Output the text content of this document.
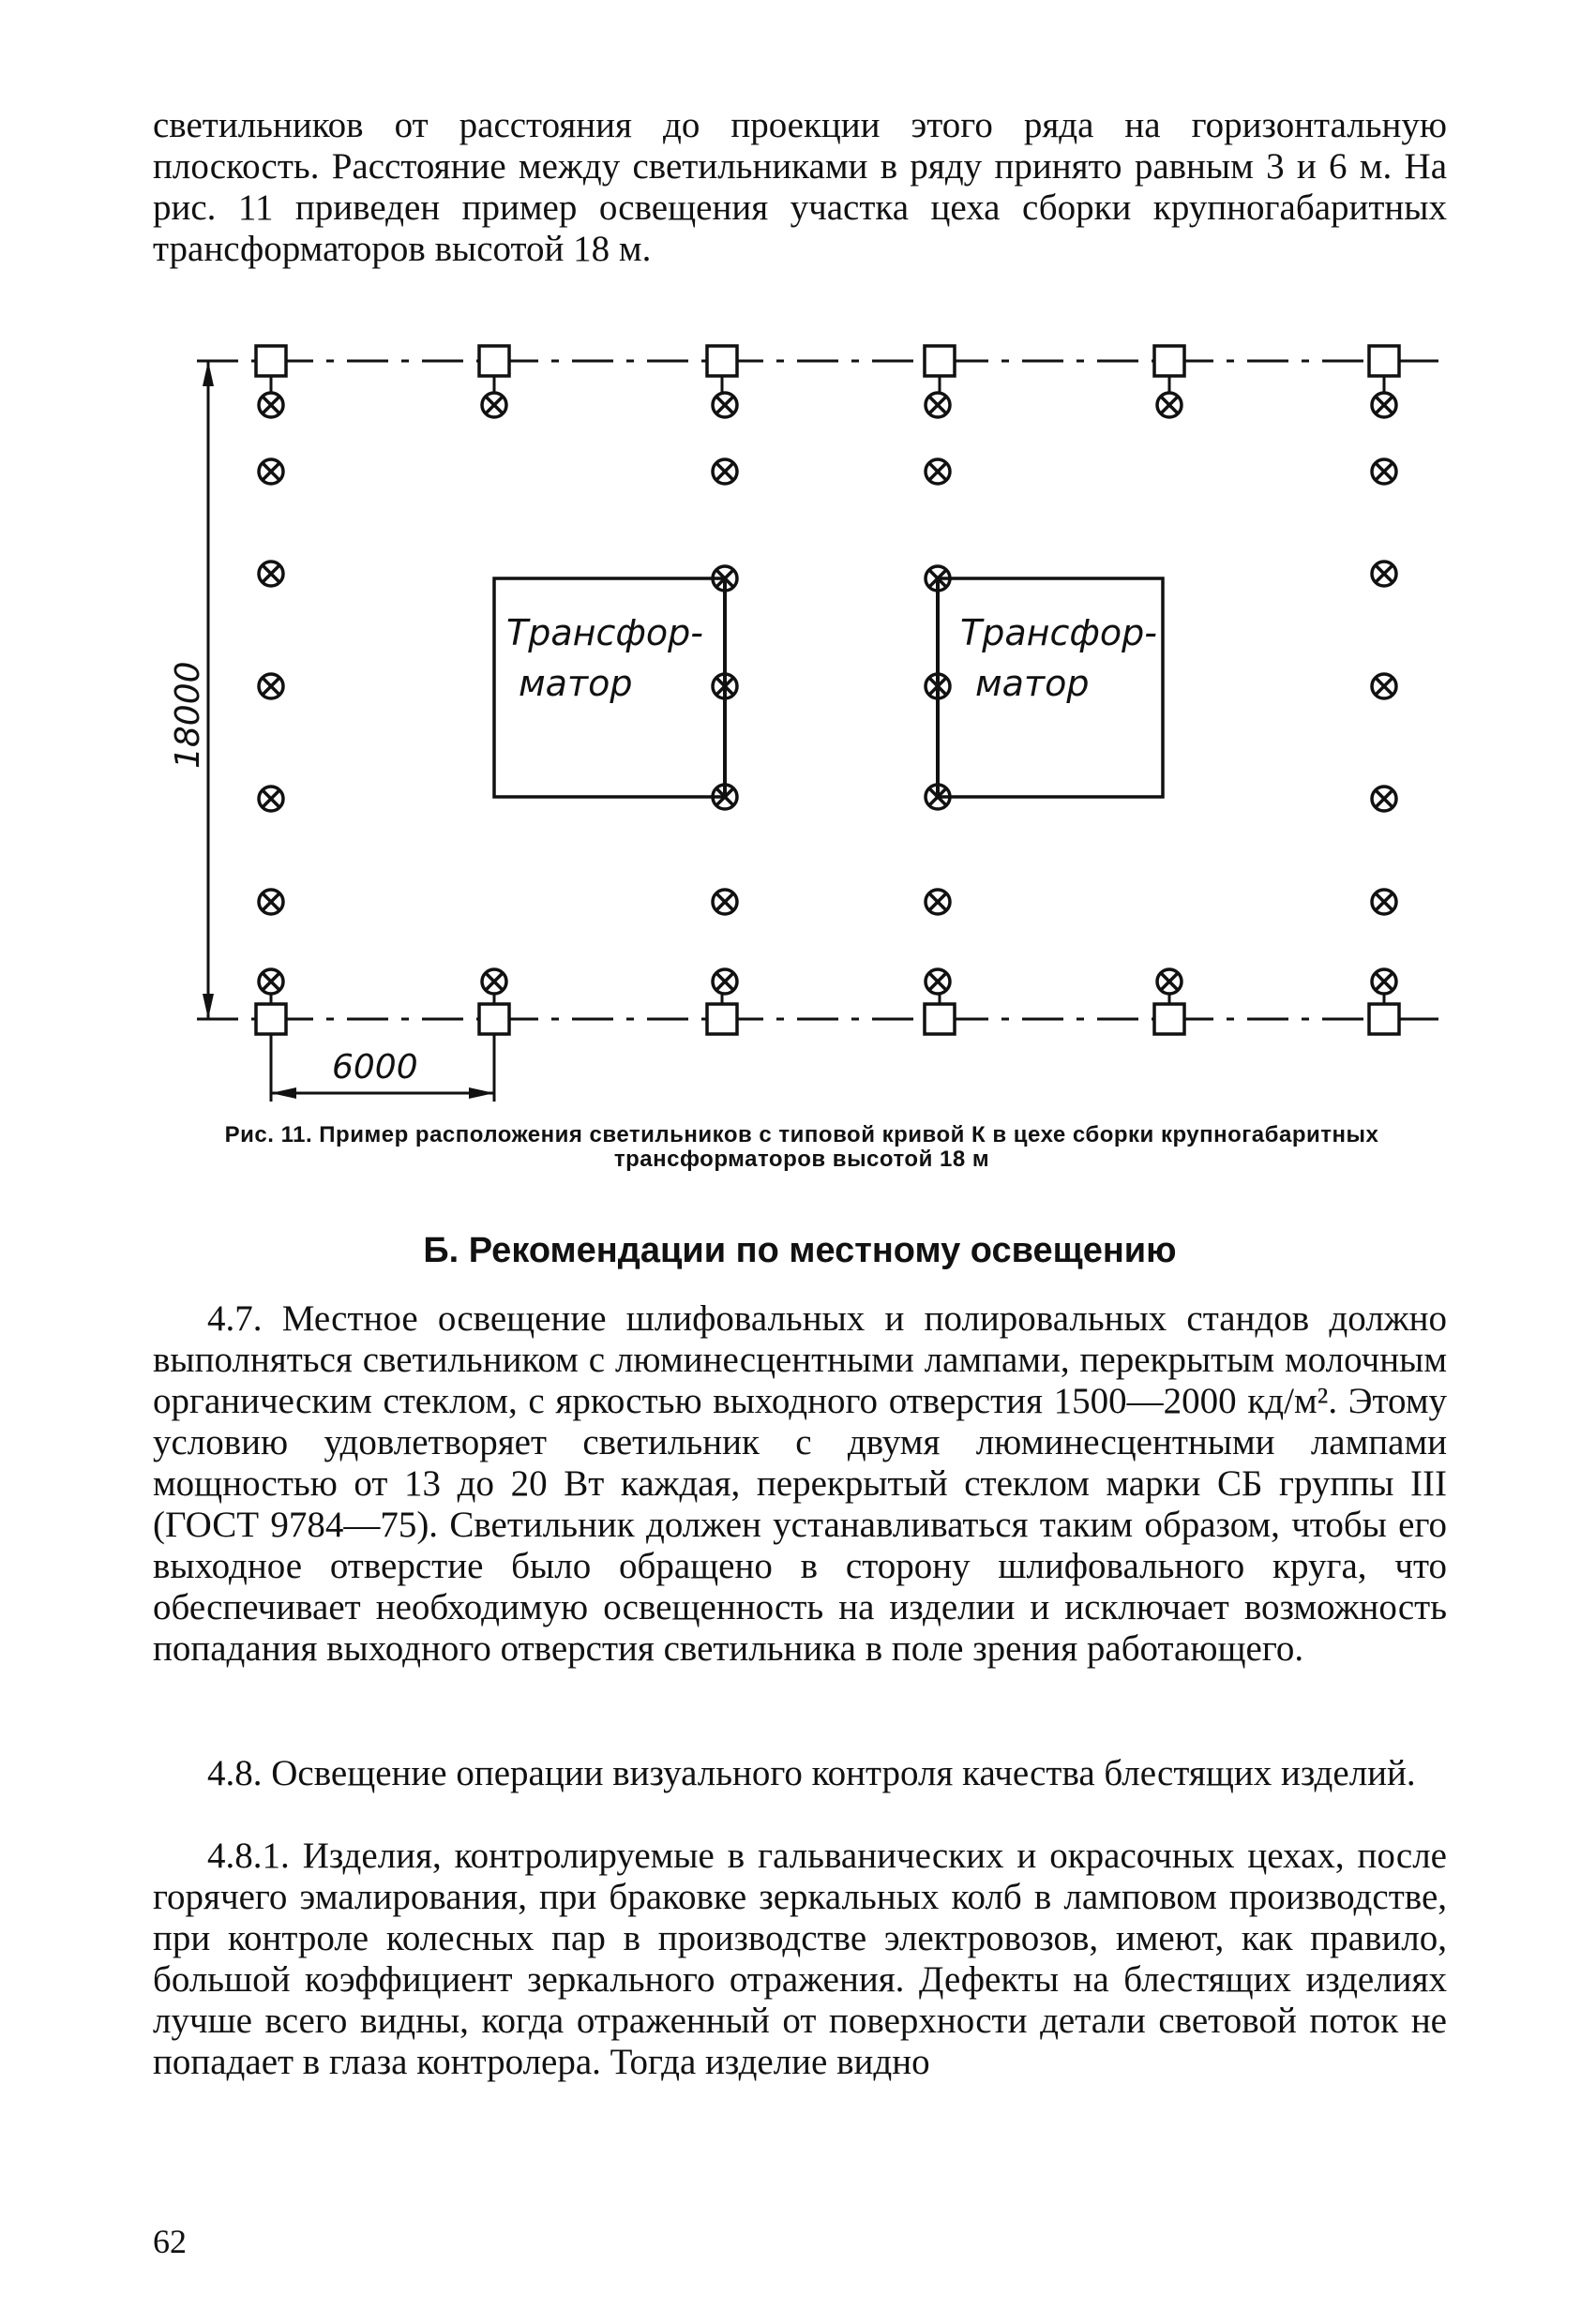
светильников от расстояния до проекции этого ряда на горизонтальную плоскость. Расстояние между светильниками в ряду принято равным 3 и 6 м. На рис. 11 приведен пример освещения участка цеха сборки крупногабаритных трансформаторов высотой 18 м.

Трансфор-
матор
Трансфор-
матор
18000
6000
Рис. 11. Пример расположения светильников с типовой кривой К в цехе сборки крупногабаритных трансформаторов высотой 18 м
Б. Рекомендации по местному освещению

4.7. Местное освещение шлифовальных и полировальных стандов должно выполняться светильником с люминесцентными лампами, перекрытым молочным органическим стеклом, с яркостью выходного отверстия 1500—2000 кд/м². Этому условию удовлетворяет светильник с двумя люминесцентными лампами мощностью от 13 до 20 Вт каждая, перекрытый стеклом марки СБ группы III (ГОСТ 9784—75). Светильник должен устанавливаться таким образом, чтобы его выходное отверстие было обращено в сторону шлифовального круга, что обеспечивает необходимую освещенность на изделии и исключает возможность попадания выходного отверстия светильника в поле зрения работающего.

4.8. Освещение операции визуального контроля качества блестящих изделий.

4.8.1. Изделия, контролируемые в гальванических и окрасочных цехах, после горячего эмалирования, при браковке зеркальных колб в ламповом производстве, при контроле колесных пар в производстве электровозов, имеют, как правило, большой коэффициент зеркального отражения. Дефекты на блестящих изделиях лучше всего видны, когда отраженный от поверхности детали световой поток не попадает в глаза контролера. Тогда изделие видно

62
